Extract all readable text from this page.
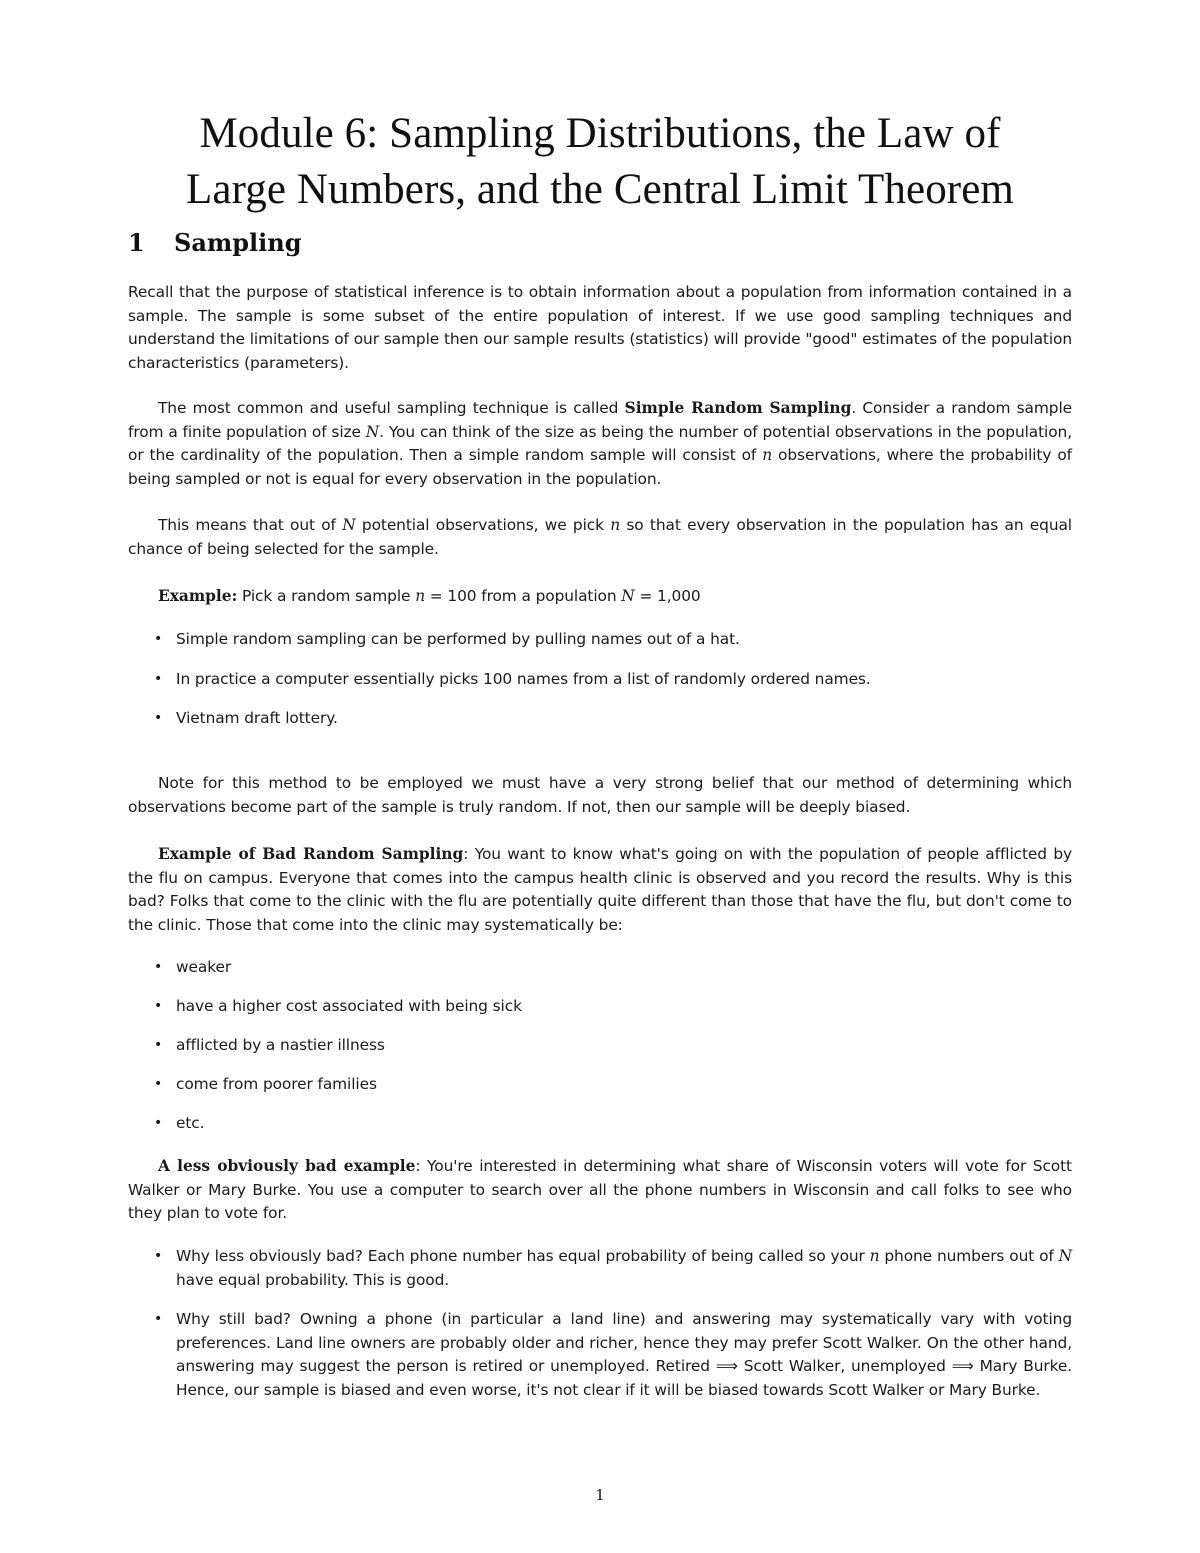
Module 6: Sampling Distributions, the Law of
Large Numbers, and the Central Limit Theorem
1 Sampling

Recall that the purpose of statistical inference is to obtain information about a population from information contained in a sample. The sample is some subset of the entire population of interest. If we use good sampling techniques and understand the limitations of our sample then our sample results (statistics) will provide "good" estimates of the population characteristics (parameters).

The most common and useful sampling technique is called Simple Random Sampling. Consider a random sample from a finite population of size N. You can think of the size as being the number of potential observations in the population, or the cardinality of the population. Then a simple random sample will consist of n observations, where the probability of being sampled or not is equal for every observation in the population.

This means that out of N potential observations, we pick n so that every observation in the population has an equal chance of being selected for the sample.

Example: Pick a random sample n = 100 from a population N = 1,000

• Simple random sampling can be performed by pulling names out of a hat.
• In practice a computer essentially picks 100 names from a list of randomly ordered names.
• Vietnam draft lottery.

Note for this method to be employed we must have a very strong belief that our method of determining which observations become part of the sample is truly random. If not, then our sample will be deeply biased.

Example of Bad Random Sampling: You want to know what's going on with the population of people afflicted by the flu on campus. Everyone that comes into the campus health clinic is observed and you record the results. Why is this bad? Folks that come to the clinic with the flu are potentially quite different than those that have the flu, but don't come to the clinic. Those that come into the clinic may systematically be:

• weaker
• have a higher cost associated with being sick
• afflicted by a nastier illness
• come from poorer families
• etc.

A less obviously bad example: You're interested in determining what share of Wisconsin voters will vote for Scott Walker or Mary Burke. You use a computer to search over all the phone numbers in Wisconsin and call folks to see who they plan to vote for.

• Why less obviously bad? Each phone number has equal probability of being called so your n phone numbers out of N have equal probability. This is good.
• Why still bad? Owning a phone (in particular a land line) and answering may systematically vary with voting preferences. Land line owners are probably older and richer, hence they may prefer Scott Walker. On the other hand, answering may suggest the person is retired or unemployed. Retired ⟹ Scott Walker, unemployed ⟹ Mary Burke. Hence, our sample is biased and even worse, it's not clear if it will be biased towards Scott Walker or Mary Burke.
1
